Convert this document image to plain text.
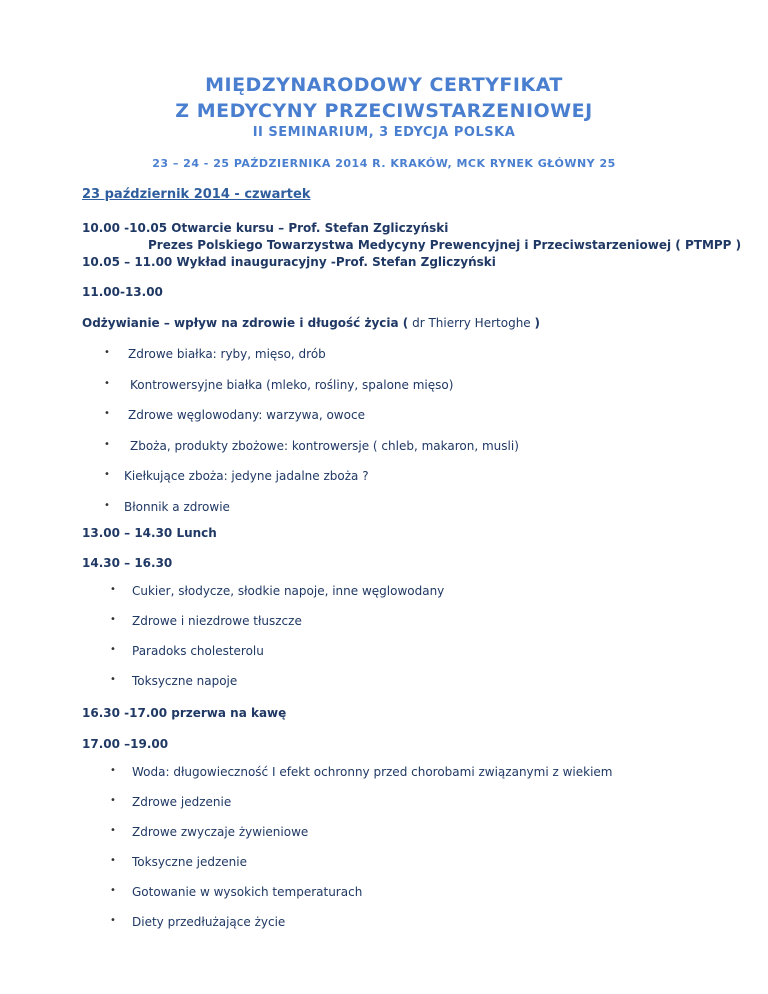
MIĘDZYNARODOWY CERTYFIKAT
Z MEDYCYNY PRZECIWSTARZENIOWEJ
II SEMINARIUM, 3 EDYCJA POLSKA
23 – 24 - 25 PAŹDZIERNIKA 2014 R. KRAKÓW, MCK RYNEK GŁÓWNY 25
23 październik 2014 - czwartek
10.00 -10.05 Otwarcie kursu – Prof. Stefan Zgliczyński
Prezes Polskiego Towarzystwa Medycyny Prewencyjnej i Przeciwstarzeniowej ( PTMPP )
10.05 – 11.00 Wykład inauguracyjny -Prof. Stefan Zgliczyński
11.00-13.00
Odżywianie – wpływ na zdrowie i długość życia ( dr Thierry Hertoghe )
• Zdrowe białka: ryby, mięso, drób
• Kontrowersyjne białka (mleko, rośliny, spalone mięso)
• Zdrowe węglowodany: warzywa, owoce
• Zboża, produkty zbożowe: kontrowersje ( chleb, makaron, musli)
• Kiełkujące zboża: jedyne jadalne zboża ?
• Błonnik a zdrowie
13.00 – 14.30 Lunch
14.30 – 16.30
• Cukier, słodycze, słodkie napoje, inne węglowodany
• Zdrowe i niezdrowe tłuszcze
• Paradoks cholesterolu
• Toksyczne napoje
16.30 -17.00 przerwa na kawę
17.00 –19.00
• Woda: długowieczność I efekt ochronny przed chorobami związanymi z wiekiem
• Zdrowe jedzenie
• Zdrowe zwyczaje żywieniowe
• Toksyczne jedzenie
• Gotowanie w wysokich temperaturach
• Diety przedłużające życie
